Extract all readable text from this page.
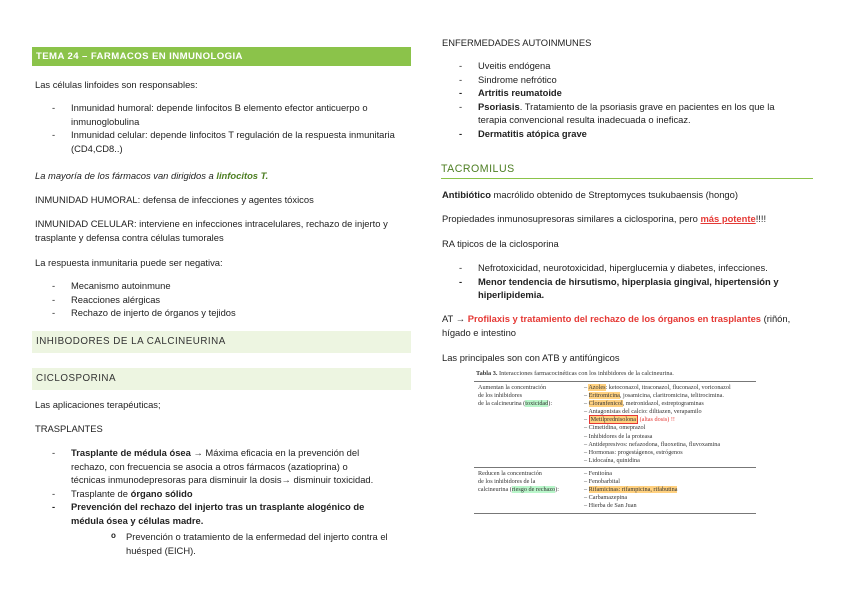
TEMA 24 – FARMACOS EN INMUNOLOGIA

Las células linfoides son responsables:

- Inmunidad humoral: depende linfocitos B elemento efector anticuerpo o inmunoglobulina
- Inmunidad celular: depende linfocitos T regulación de la respuesta inmunitaria (CD4,CD8..)

La mayoría de los fármacos van dirigidos a linfocitos T.

INMUNIDAD HUMORAL: defensa de infecciones y agentes tóxicos

INMUNIDAD CELULAR: interviene en infecciones intracelulares, rechazo de injerto y trasplante y defensa contra células tumorales

La respuesta inmunitaria puede ser negativa:

- Mecanismo autoinmune
- Reacciones alérgicas
- Rechazo de injerto de órganos y tejidos
INHIBODORES DE LA CALCINEURINA
CICLOSPORINA

Las aplicaciones terapéuticas;

TRASPLANTES

- Trasplante de médula ósea → Máxima eficacia en la prevención del rechazo, con frecuencia se asocia a otros fármacos (azatioprina) o técnicas inmunodepresoras para disminuir la dosis→ disminuir toxicidad.
- Trasplante de órgano sólido
- Prevención del rechazo del injerto tras un trasplante alogénico de médula ósea y células madre.

o Prevención o tratamiento de la enfermedad del injerto contra el huésped (EICH).

ENFERMEDADES AUTOINMUNES

- Uveitis endógena
- Sindrome nefrótico
- Artritis reumatoide
- Psoriasis. Tratamiento de la psoriasis grave en pacientes en los que la terapia convencional resulta inadecuada o ineficaz.
- Dermatitis atópica grave
TACROMILUS

Antibiótico macrólido obtenido de Streptomyces tsukubaensis (hongo)

Propiedades inmunosupresoras similares a ciclosporina, pero más potente!!!!

RA tipicos de la ciclosporina

- Nefrotoxicidad, neurotoxicidad, hiperglucemia y diabetes, infecciones.
- Menor tendencia de hirsutismo, hiperplasia gingival, hipertensión y hiperlipidemia.

AT → Profilaxis y tratamiento del rechazo de los órganos en trasplantes (riñón, hígado e intestino

Las principales son con ATB y antifúngicos

Tabla 3. Interacciones farmacocinéticas con los inhibidores de la calcineurina.
Aumentan la concentración
de los inhibidores
de la calcineurina (toxicidad):
– Azoles: ketoconazol, itraconazol, fluconazol, voriconazol
– Eritromicina, josamicina, claritromicina, telitrocimina.
– Cloranfenicol, metronidazol, estreptograminas
– Antagonistas del calcio: diltiazen, verapamilo
– Metilprednisolona (altas dosis) !!
– Cimetidina, omeprazol
– Inhibidores de la proteasa
– Antidepresivos: nefazodona, fluoxetina, fluvoxamina
– Hormonas: progestágenos, estrógenos
– Lidocaína, quinidina
Reducen la concentración
de los inhibidores de la
calcineurina (riesgo de rechazo):
– Fenitoína
– Fenobarbital
– Rifamicinas: rifampicina, rifabutina
– Carbamazepina
– Hierba de San Juan
